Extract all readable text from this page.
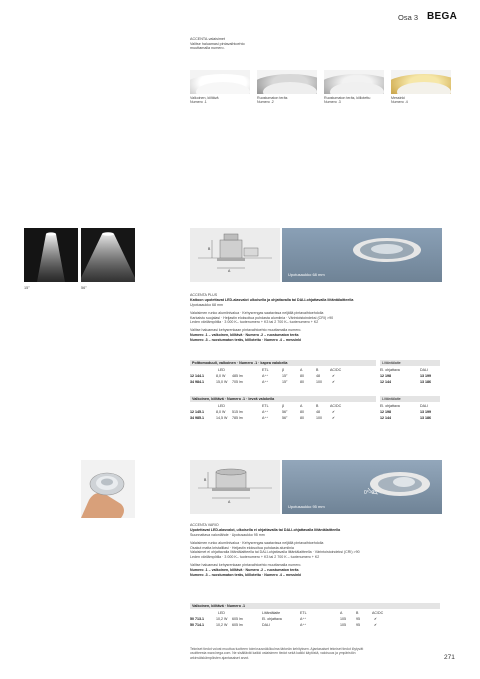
Osa 3 BEGA
ACCENTA-valaisimet
Valitse haluamasi pintavaihtoehto
muuttamalla numero.
Valkoinen, kiiltävä
Numero .1
Ruostumaton teräs
Numero .2
Ruostumaton teräs, kiillotettu
Numero .3
Messinki
Numero .4
15°	56°
A
B
Upotusaukko 68 mm

ACCENTA PLUS

Kattoon upotettavat LED-alasvalot ulkoisella ja ohjattavalla tai DALI-ohjattavalla liitäntälaitteella

Upotusaukko 68 mm

Valaisimen runko alumiinivalua · Kehysrengas saatavissa neljällä pintavaihtoehdolla

Karkaistu suojalasi · Heijastin eloksoitua puhdasta alumiinia · Värintoistoindeksi (CRI) >90

Leden värilämpötila · 3 000 K– tuotenumero + K3 tai 2 700 K– tuotenumero + K2

Valitse haluamasi kehysrenkaan pintavaihtoehto muuttamalla numero.

Numero .1 – valkoinen, kiiltävä · Numero .2 – ruostumaton teräs

Numero .3 – ruostumaton teräs, kiillotettu · Numero .4 – messinki

Polttomoduuli, valkoinen · Numero .1 · kapea valokeila	Liitäntälaite
LED	ETL	β	A	B	AC/DC	El. ohjattava	DALI
12 144.1	8,0 W 485 lm	A⁺⁺	15°	80	48	✔	12 198	13 199
34 984.1	15,0 W 705 lm	A⁺⁺	15°	80	100	✔	12 144	13 186
Valkoinen, kiiltävä · Numero .1 · leveä valokeila	Liitäntälaite
LED	ETL	β	A	B	AC/DC	El. ohjattava	DALI
12 145.1	8,0 W 515 lm	A⁺⁺	56°	80	48	✔	12 198	13 199
34 985.1	14,5 W 785 lm	A⁺⁺	56°	80	100	✔	12 144	13 186
A
B
Upotusaukko 95 mm
0°–35°

ACCENTA VARIO

Upotettavat LED-alasvalot, ulkoisella ei ohjattavalla tai DALI-ohjattavalla liitäntälaitteella

Suunnattava valonlähde · Upotusaukko 95 mm

Valaisimen runko alumiinivalua · Kehysrengas saatavissa neljällä pintavaihtoehdolla

Osakut matta kristallilasi · Heijastin eloksoitua puhdasta alumiinia

Valaisimet ei ohjattavalla liitäntälaitteella tai DALI-ohjattavalla liitäntälaitteella · Värintoistoindeksi (CRI) >90

Leden värilämpötila · 3 000 K– tuotenumero + K3 tai 2 700 K – tuotenumero + K2

Valitse haluamasi kehysrenkaan pintavaihtoehto muuttamalla numero.

Numero .1 – valkoinen, kiiltävä · Numero .2 – ruostumaton teräs

Numero .3 – ruostumaton teräs, kiillotettu · Numero .4 – messinki

Valkoinen, kiiltävä · Numero .1
LED	Liitäntälaite	ETL	A	B	AC/DC
50 713.1	10,2 W 605 lm	El. ohjattava	A⁺⁺	105	95	✔
50 714.1	10,2 W 605 lm	DALI	A⁺⁺	105	95	✔
Tekniset tiedot voivat muuttua tuotteen toimivuusnäkökulma tärkeän kehityksen. Ajantasaiset tekniset tiedot löytyvät
osoitteesta www.bega.com. Ne sisältävät kaikki valaisimen tiedot sekä kaikki käytöstä, valoisuus ja ympäristön
arkinväiskämpöisten ajantasaiset arvot.	271
